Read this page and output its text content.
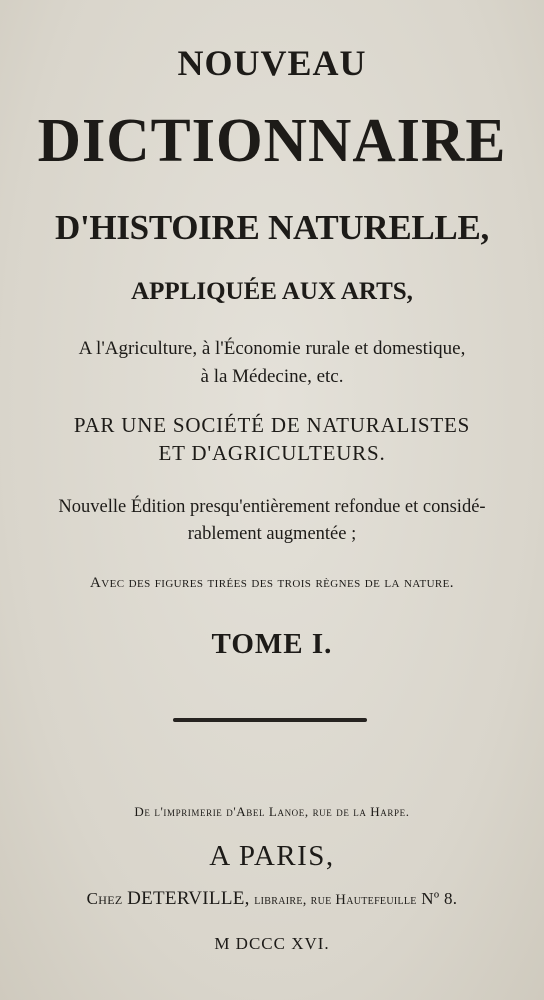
NOUVEAU
DICTIONNAIRE
D'HISTOIRE NATURELLE,
APPLIQUÉE AUX ARTS,
A l'Agriculture, à l'Économie rurale et domestique,
à la Médecine, etc.
PAR UNE SOCIÉTÉ DE NATURALISTES
ET D'AGRICULTEURS.
Nouvelle Édition presqu'entièrement refondue et considé-
rablement augmentée ;
Avec des figures tirées des trois règnes de la nature.
TOME I.
De l'imprimerie d'Abel Lanoe, rue de la Harpe.
A PARIS,
Chez DETERVILLE, libraire, rue Hautefeuille Nº 8.
M DCCC XVI.
